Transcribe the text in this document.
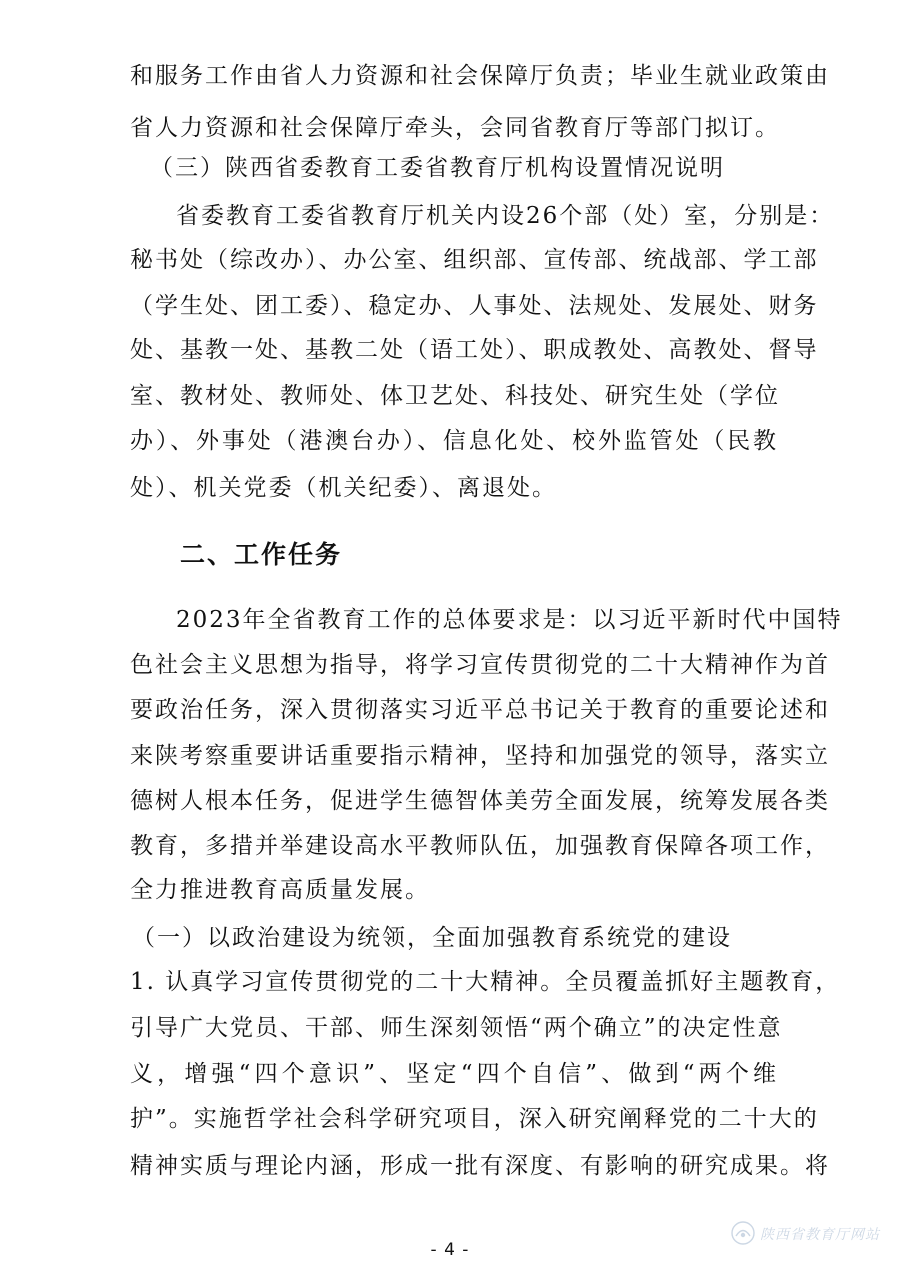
和服务工作由省人力资源和社会保障厅负责；毕业生就业政策由
省人力资源和社会保障厅牵头，会同省教育厅等部门拟订。
（三）陕西省委教育工委省教育厅机构设置情况说明
省委教育工委省教育厅机关内设26个部（处）室，分别是：
秘书处（综改办）、办公室、组织部、宣传部、统战部、学工部
（学生处、团工委）、稳定办、人事处、法规处、发展处、财务
处、基教一处、基教二处（语工处）、职成教处、高教处、督导
室、教材处、教师处、体卫艺处、科技处、研究生处（学位
办）、外事处（港澳台办）、信息化处、校外监管处（民教
处）、机关党委（机关纪委）、离退处。
二、工作任务
2023年全省教育工作的总体要求是：以习近平新时代中国特
色社会主义思想为指导，将学习宣传贯彻党的二十大精神作为首
要政治任务，深入贯彻落实习近平总书记关于教育的重要论述和
来陕考察重要讲话重要指示精神，坚持和加强党的领导，落实立
德树人根本任务，促进学生德智体美劳全面发展，统筹发展各类
教育，多措并举建设高水平教师队伍，加强教育保障各项工作，
全力推进教育高质量发展。
（一）以政治建设为统领，全面加强教育系统党的建设
1. 认真学习宣传贯彻党的二十大精神。全员覆盖抓好主题教育，
引导广大党员、干部、师生深刻领悟“两个确立”的决定性意
义，增强“四个意识”、坚定“四个自信”、做到“两个维
护”。实施哲学社会科学研究项目，深入研究阐释党的二十大的
精神实质与理论内涵，形成一批有深度、有影响的研究成果。将
- 4 -
陕西省教育厅网站
